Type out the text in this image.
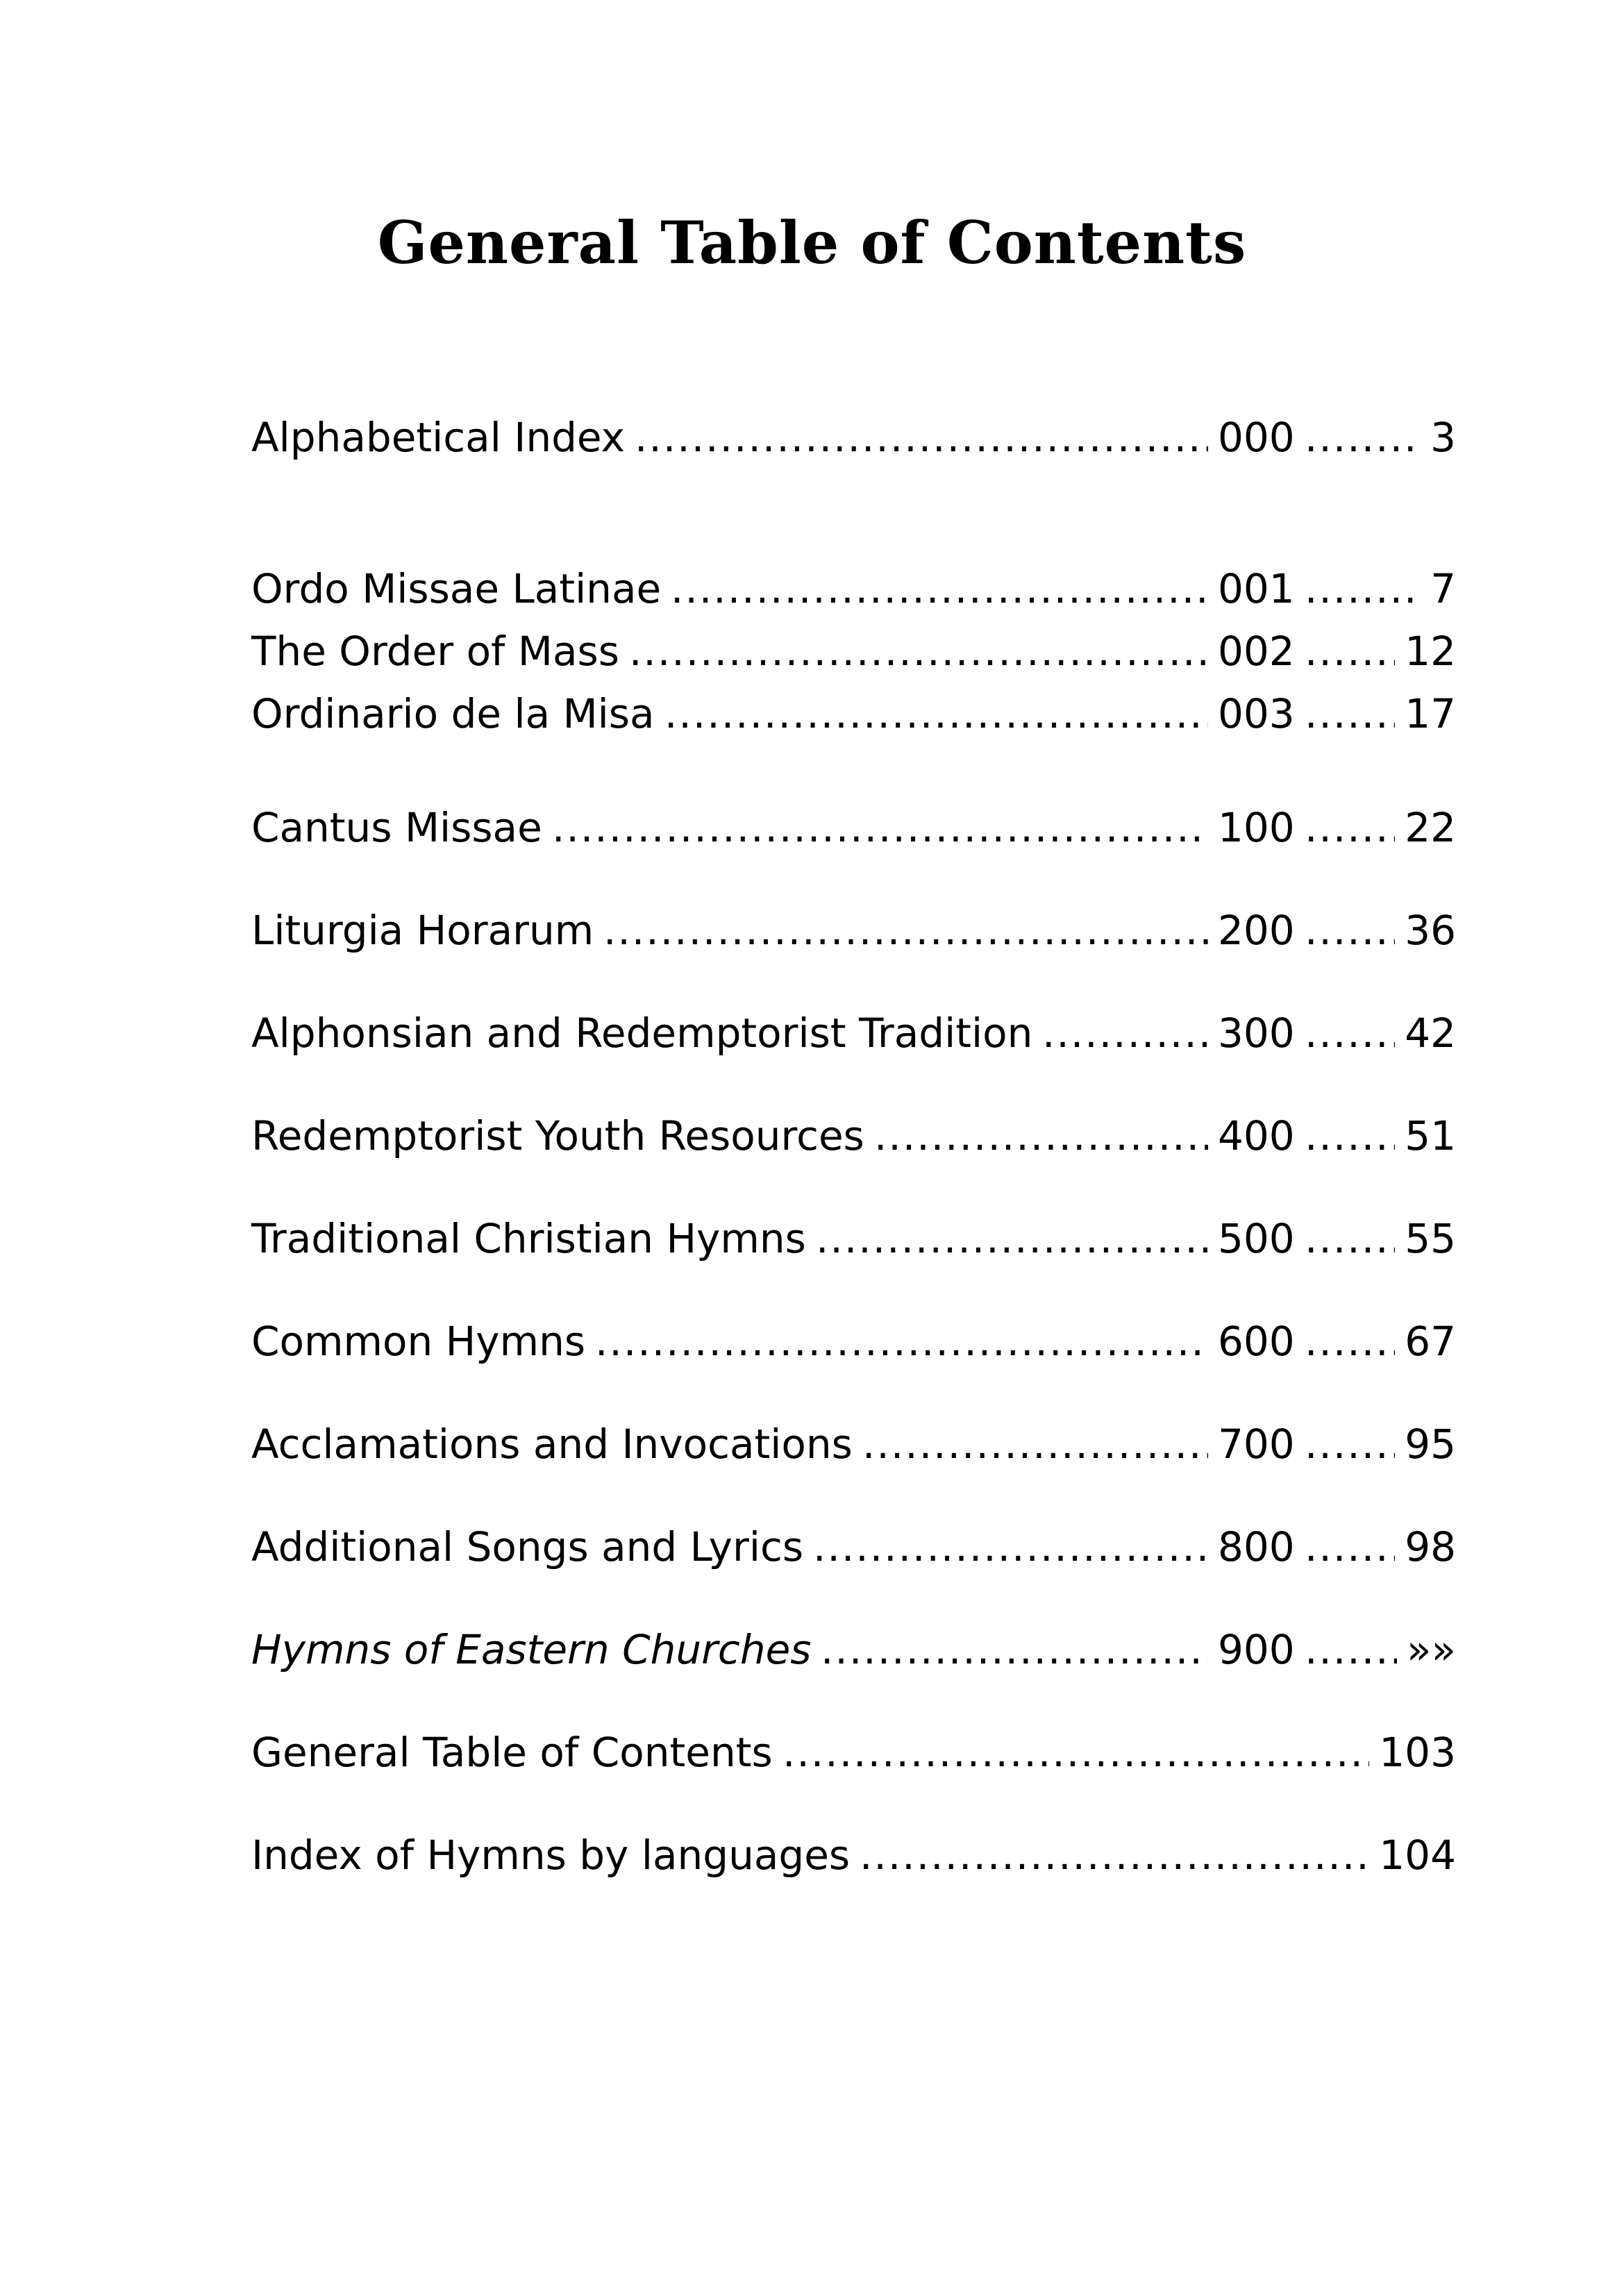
General Table of Contents
Alphabetical Index .....	000 .....	3
Ordo Missae Latinae .....	001 .....	7
The Order of Mass .....	002 .....	12
Ordinario de la Misa .....	003 .....	17
Cantus Missae .....	100 .....	22
Liturgia Horarum .....	200 .....	36
Alphonsian and Redemptorist Tradition .....	300 .....	42
Redemptorist Youth Resources .....	400 .....	51
Traditional Christian Hymns .....	500 .....	55
Common Hymns .....	600 .....	67
Acclamations and Invocations .....	700 .....	95
Additional Songs and Lyrics .....	800 .....	98
Hymns of Eastern Churches .....	900 .....	»»
General Table of Contents .....	103
Index of Hymns by languages .....	104
